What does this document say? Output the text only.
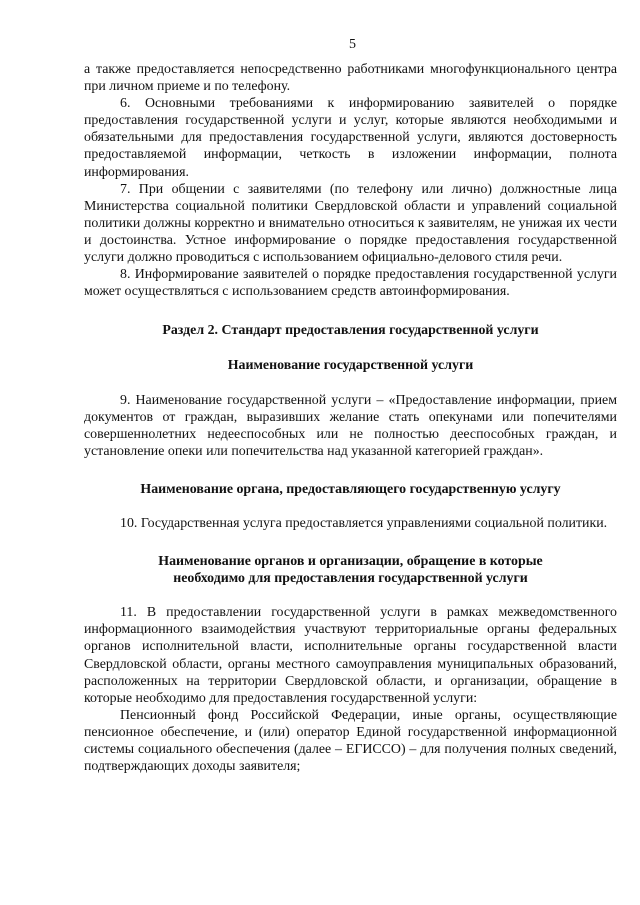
5

а также предоставляется непосредственно работниками многофункционального центра при личном приеме и по телефону.

6. Основными требованиями к информированию заявителей о порядке предоставления государственной услуги и услуг, которые являются необходимыми и обязательными для предоставления государственной услуги, являются достоверность предоставляемой информации, четкость в изложении информации, полнота информирования.

7. При общении с заявителями (по телефону или лично) должностные лица Министерства социальной политики Свердловской области и управлений социальной политики должны корректно и внимательно относиться к заявителям, не унижая их чести и достоинства. Устное информирование о порядке предоставления государственной услуги должно проводиться с использованием официально-делового стиля речи.

8. Информирование заявителей о порядке предоставления государственной услуги может осуществляться с использованием средств автоинформирования.

Раздел 2. Стандарт предоставления государственной услуги
Наименование государственной услуги

9. Наименование государственной услуги – «Предоставление информации, прием документов от граждан, выразивших желание стать опекунами или попечителями совершеннолетних недееспособных или не полностью дееспособных граждан, и установление опеки или попечительства над указанной категорией граждан».

Наименование органа, предоставляющего государственную услугу

10. Государственная услуга предоставляется управлениями социальной политики.

Наименование органов и организации, обращение в которые
необходимо для предоставления государственной услуги

11. В предоставлении государственной услуги в рамках межведомственного информационного взаимодействия участвуют территориальные органы федеральных органов исполнительной власти, исполнительные органы государственной власти Свердловской области, органы местного самоуправления муниципальных образований, расположенных на территории Свердловской области, и организации, обращение в которые необходимо для предоставления государственной услуги:

Пенсионный фонд Российской Федерации, иные органы, осуществляющие пенсионное обеспечение, и (или) оператор Единой государственной информационной системы социального обеспечения (далее – ЕГИССО) – для получения полных сведений, подтверждающих доходы заявителя;
